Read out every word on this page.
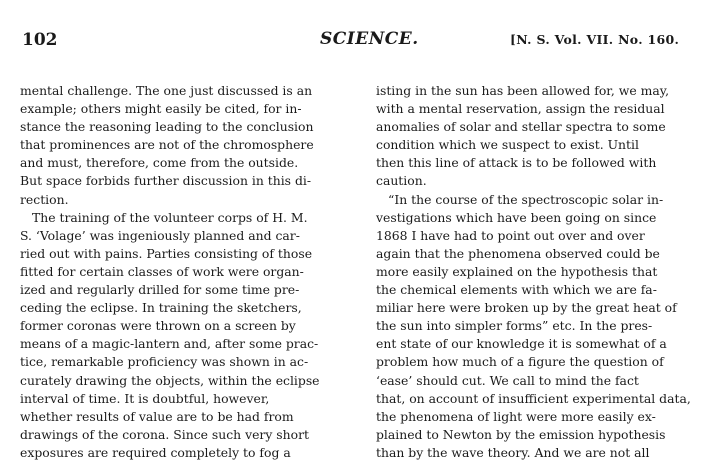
102	SCIENCE.	[N. S. Vol. VII. No. 160.
mental challenge. The one just discussed is an
example; others might easily be cited, for in-
stance the reasoning leading to the conclusion
that prominences are not of the chromosphere
and must, therefore, come from the outside.
But space forbids further discussion in this di-
rection.
The training of the volunteer corps of H. M.
S. ‘Volage’ was ingeniously planned and car-
ried out with pains. Parties consisting of those
fitted for certain classes of work were organ-
ized and regularly drilled for some time pre-
ceding the eclipse. In training the sketchers,
former coronas were thrown on a screen by
means of a magic-lantern and, after some prac-
tice, remarkable proficiency was shown in ac-
curately drawing the objects, within the eclipse
interval of time. It is doubtful, however,
whether results of value are to be had from
drawings of the corona. Since such very short
exposures are required completely to fog a
isting in the sun has been allowed for, we may,
with a mental reservation, assign the residual
anomalies of solar and stellar spectra to some
condition which we suspect to exist. Until
then this line of attack is to be followed with
caution.
“In the course of the spectroscopic solar in-
vestigations which have been going on since
1868 I have had to point out over and over
again that the phenomena observed could be
more easily explained on the hypothesis that
the chemical elements with which we are fa-
miliar here were broken up by the great heat of
the sun into simpler forms” etc. In the pres-
ent state of our knowledge it is somewhat of a
problem how much of a figure the question of
‘ease’ should cut. We call to mind the fact
that, on account of insufficient experimental data,
the phenomena of light were more easily ex-
plained to Newton by the emission hypothesis
than by the wave theory. And we are not all
